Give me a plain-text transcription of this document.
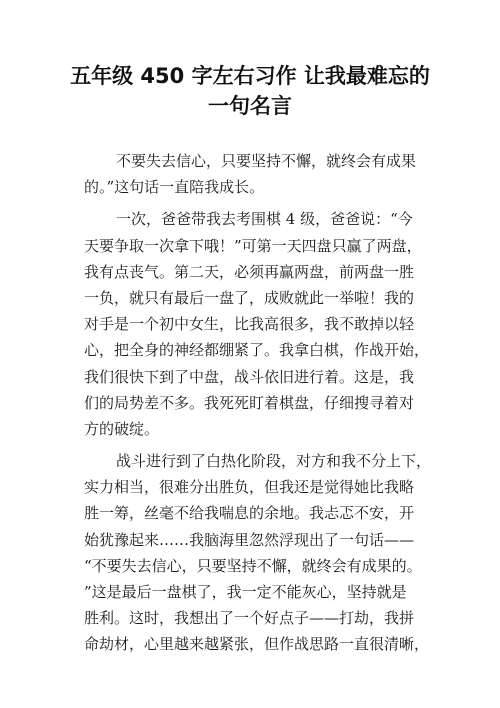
五年级 450 字左右习作 让我最难忘的
一句名言
不要失去信心，只要坚持不懈，就终会有成果
的。”这句话一直陪我成长。
一次，爸爸带我去考围棋 4 级，爸爸说：“今
天要争取一次拿下哦！”可第一天四盘只赢了两盘，
我有点丧气。第二天，必须再赢两盘，前两盘一胜
一负，就只有最后一盘了，成败就此一举啦！我的
对手是一个初中女生，比我高很多，我不敢掉以轻
心，把全身的神经都绷紧了。我拿白棋，作战开始，
我们很快下到了中盘，战斗依旧进行着。这是，我
们的局势差不多。我死死盯着棋盘，仔细搜寻着对
方的破绽。
战斗进行到了白热化阶段，对方和我不分上下，
实力相当，很难分出胜负，但我还是觉得她比我略
胜一筹，丝毫不给我喘息的余地。我忐忑不安，开
始犹豫起来……我脑海里忽然浮现出了一句话——
“不要失去信心，只要坚持不懈，就终会有成果的。
”这是最后一盘棋了，我一定不能灰心，坚持就是
胜利。这时，我想出了一个好点子——打劫，我拼
命劫材，心里越来越紧张，但作战思路一直很清晰，
